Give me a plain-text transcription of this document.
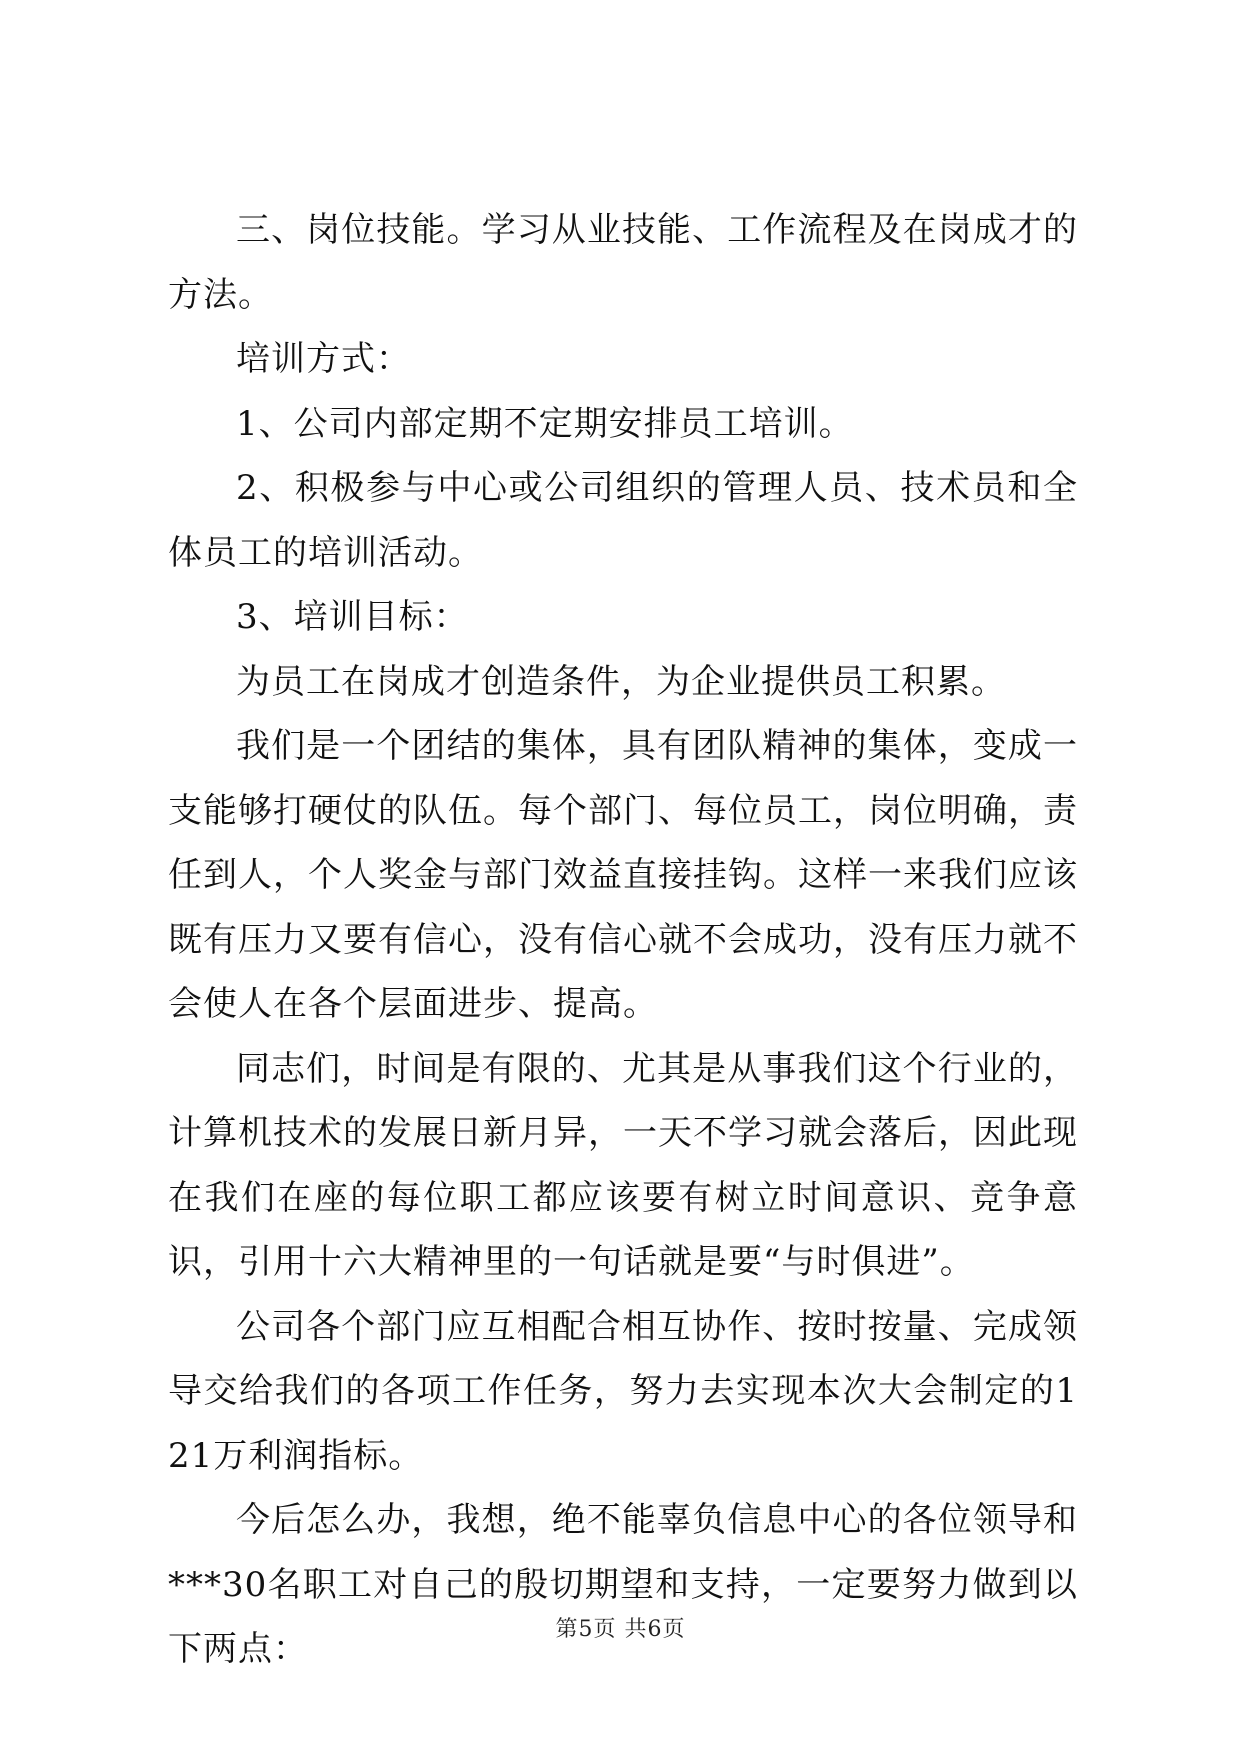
三、岗位技能。学习从业技能、工作流程及在岗成才的方法。

培训方式：

1、公司内部定期不定期安排员工培训。

2、积极参与中心或公司组织的管理人员、技术员和全体员工的培训活动。

3、培训目标：

为员工在岗成才创造条件，为企业提供员工积累。

我们是一个团结的集体，具有团队精神的集体，变成一支能够打硬仗的队伍。每个部门、每位员工，岗位明确，责任到人，个人奖金与部门效益直接挂钩。这样一来我们应该既有压力又要有信心，没有信心就不会成功，没有压力就不会使人在各个层面进步、提高。

同志们，时间是有限的、尤其是从事我们这个行业的，计算机技术的发展日新月异，一天不学习就会落后，因此现在我们在座的每位职工都应该要有树立时间意识、竞争意识，引用十六大精神里的一句话就是要“与时俱进”。

公司各个部门应互相配合相互协作、按时按量、完成领导交给我们的各项工作任务，努力去实现本次大会制定的121万利润指标。

今后怎么办，我想，绝不能辜负信息中心的各位领导和***30名职工对自己的殷切期望和支持，一定要努力做到以下两点：	第5页 共6页
